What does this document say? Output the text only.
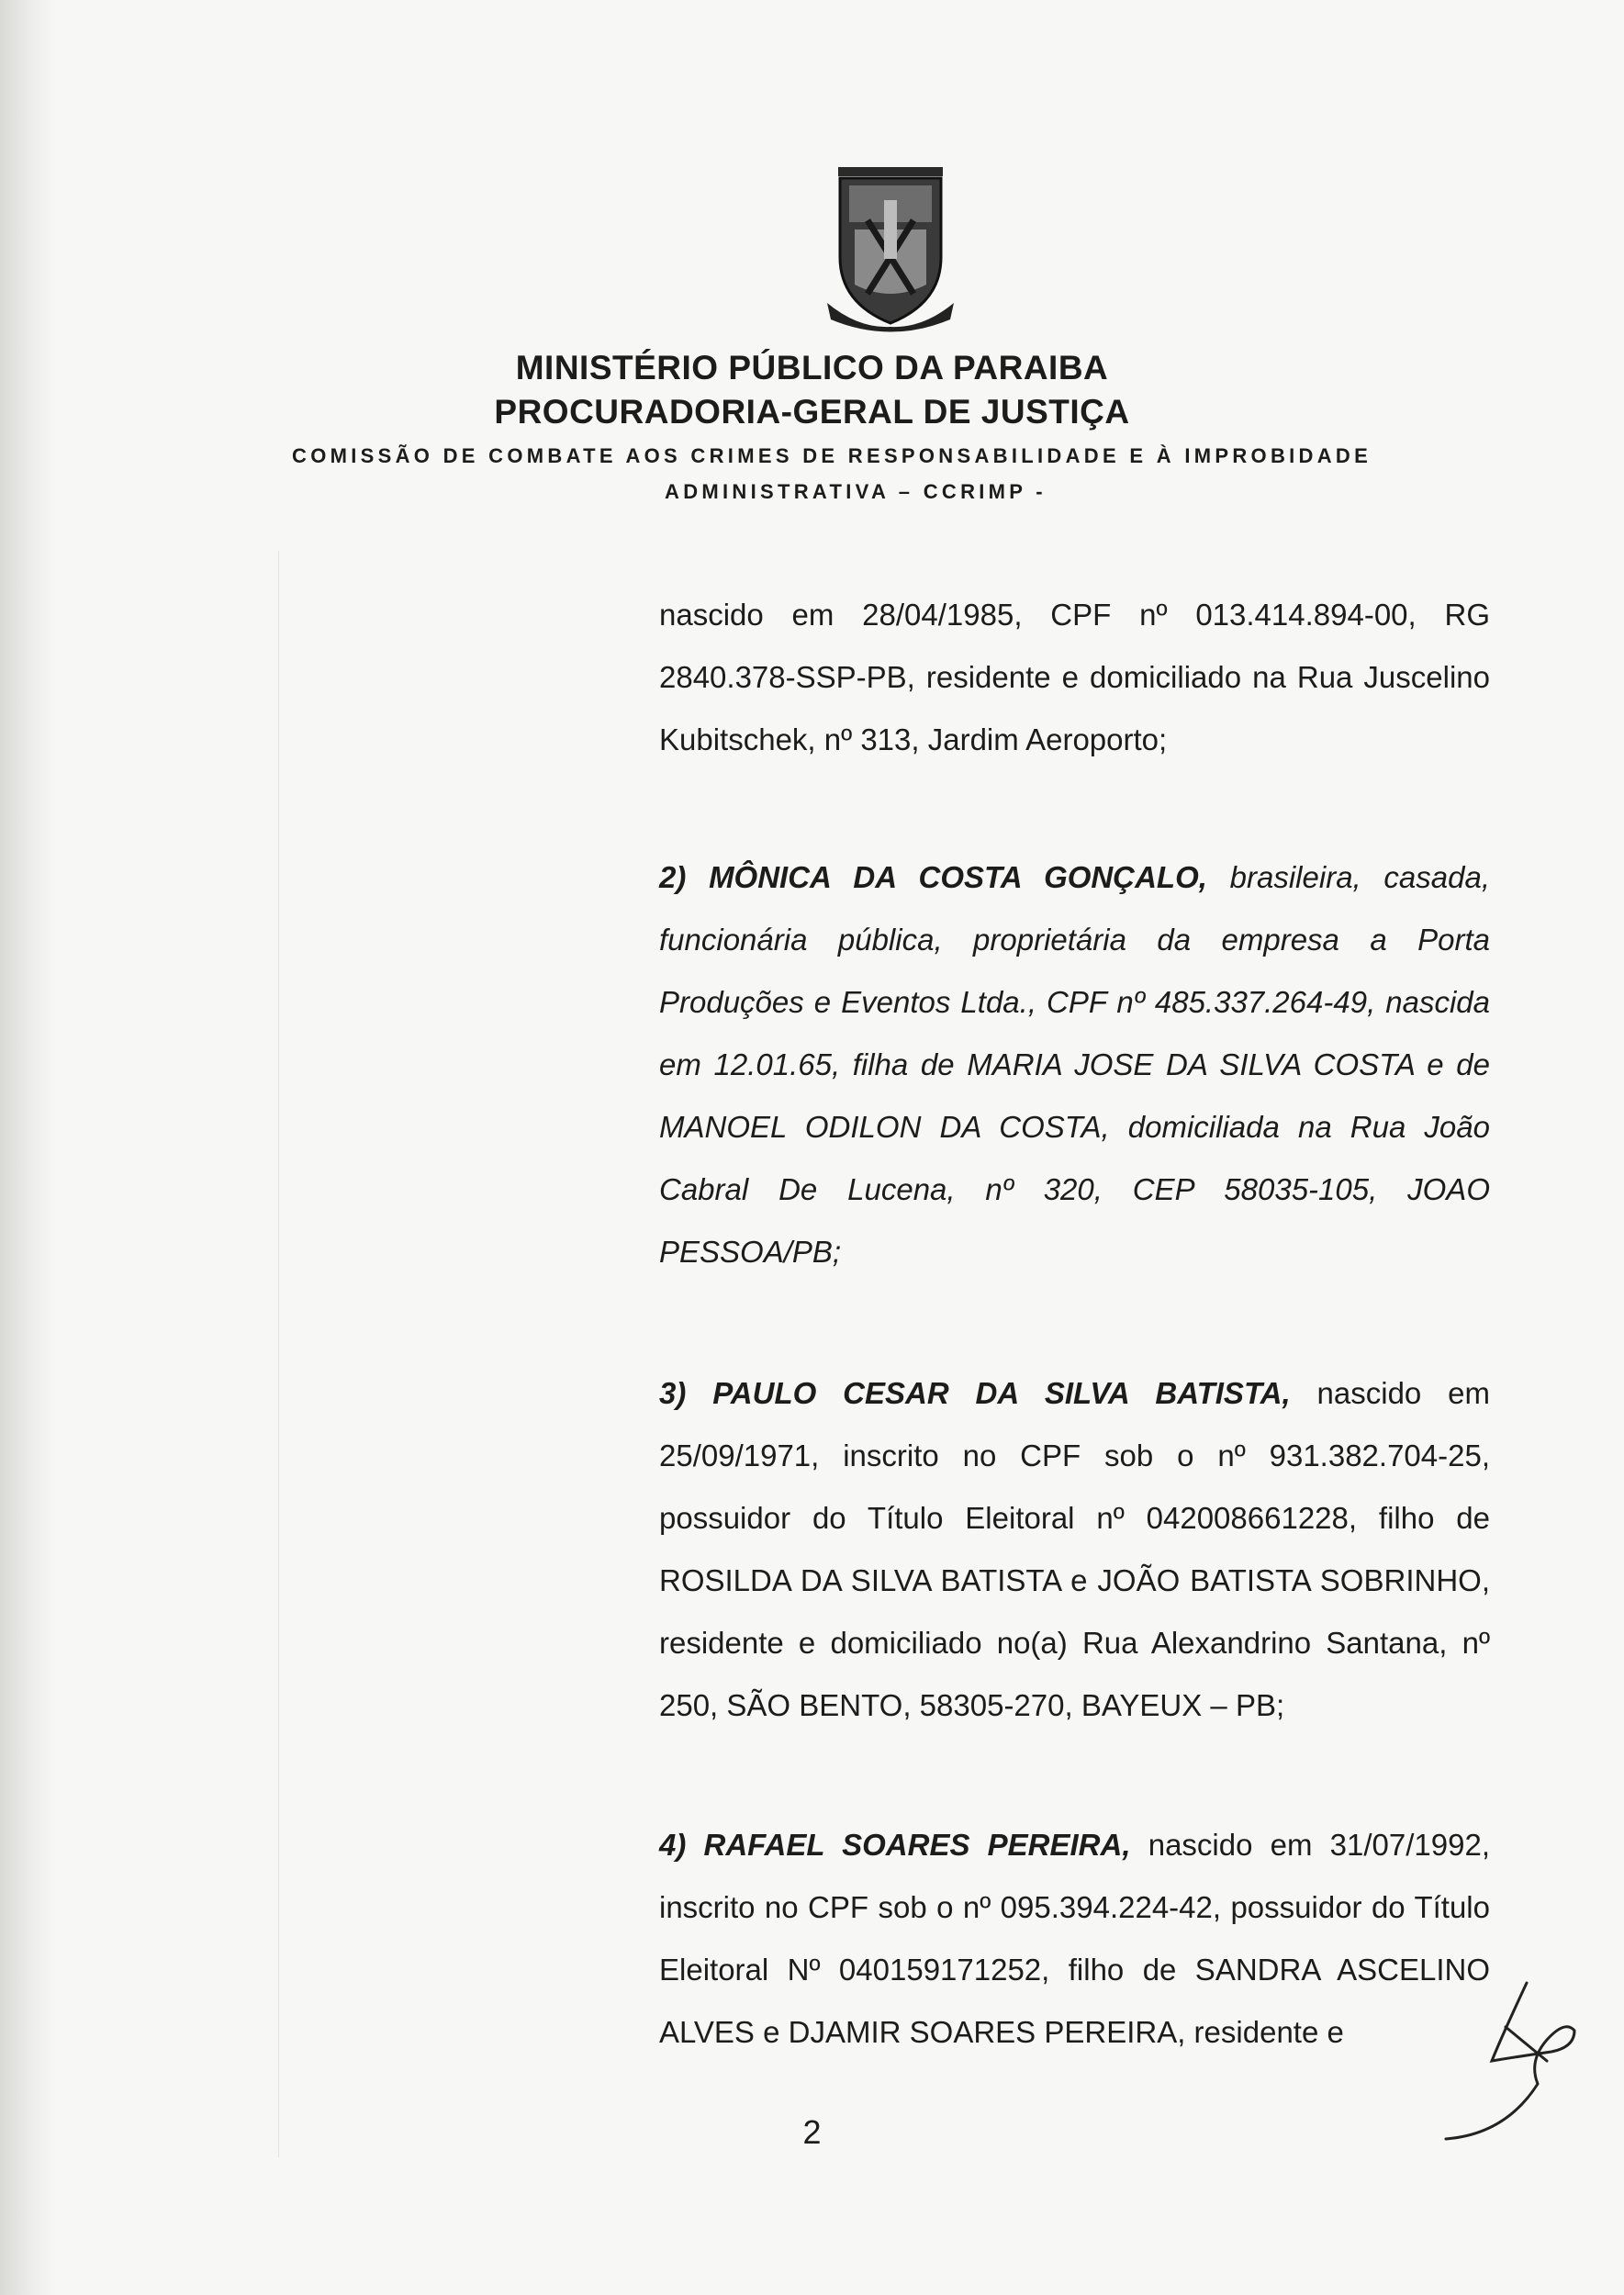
MINISTÉRIO PÚBLICO DA PARAIBA
PROCURADORIA-GERAL DE JUSTIÇA
COMISSÃO DE COMBATE AOS CRIMES DE RESPONSABILIDADE E À IMPROBIDADE
ADMINISTRATIVA – CCRIMP -

nascido em 28/04/1985, CPF nº 013.414.894-00, RG 2840.378-SSP-PB, residente e domiciliado na Rua Juscelino Kubitschek, nº 313, Jardim Aeroporto;

2) MÔNICA DA COSTA GONÇALO, brasileira, casada, funcionária pública, proprietária da empresa a Porta Produções e Eventos Ltda., CPF nº 485.337.264-49, nascida em 12.01.65, filha de MARIA JOSE DA SILVA COSTA e de MANOEL ODILON DA COSTA, domiciliada na Rua João Cabral De Lucena, nº 320, CEP 58035-105, JOAO PESSOA/PB;

3) PAULO CESAR DA SILVA BATISTA, nascido em 25/09/1971, inscrito no CPF sob o nº 931.382.704-25, possuidor do Título Eleitoral nº 042008661228, filho de ROSILDA DA SILVA BATISTA e JOÃO BATISTA SOBRINHO, residente e domiciliado no(a) Rua Alexandrino Santana, nº 250, SÃO BENTO, 58305-270, BAYEUX – PB;

4) RAFAEL SOARES PEREIRA, nascido em 31/07/1992, inscrito no CPF sob o nº 095.394.224-42, possuidor do Título Eleitoral Nº 040159171252, filho de SANDRA ASCELINO ALVES e DJAMIR SOARES PEREIRA, residente e

2
